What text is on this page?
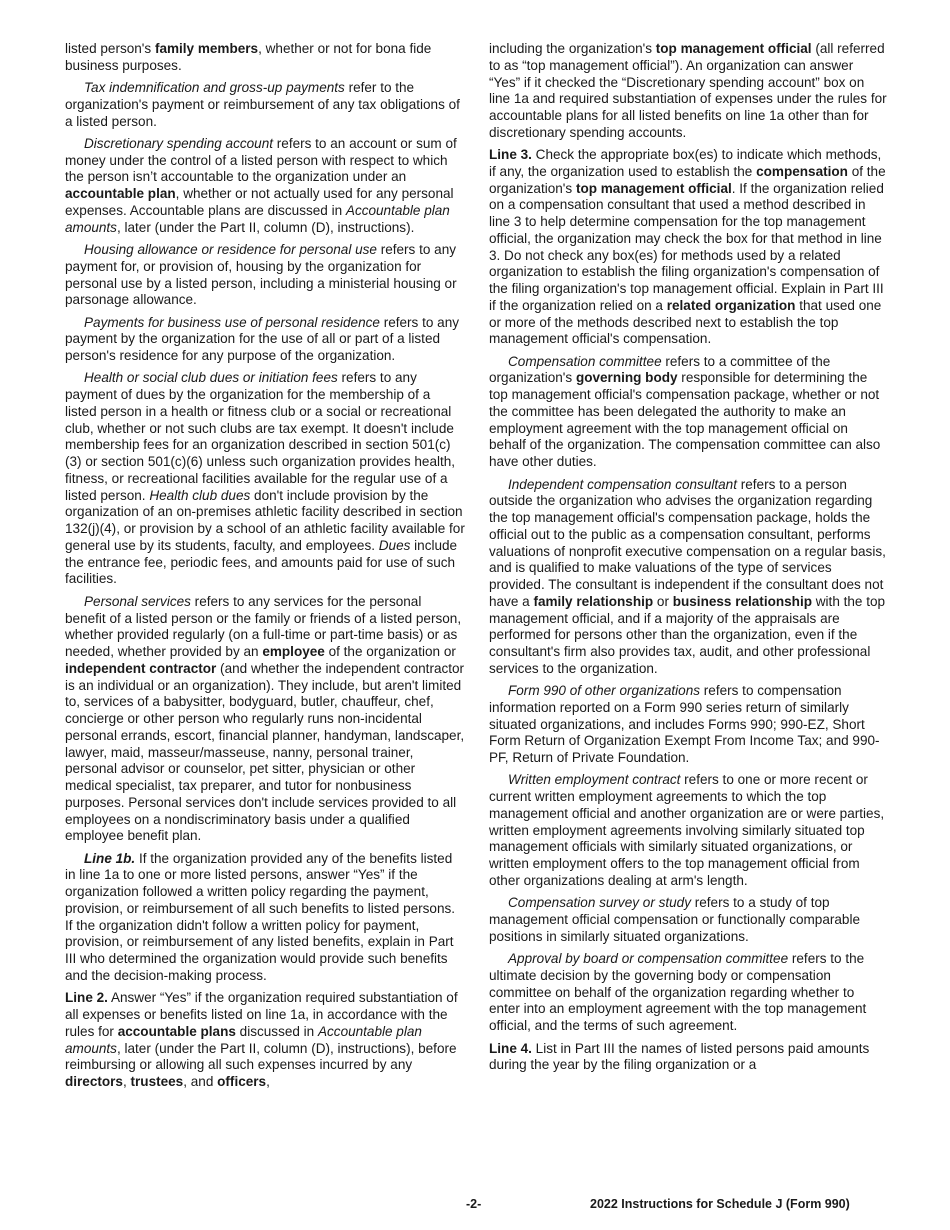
listed person's family members, whether or not for bona fide business purposes.

Tax indemnification and gross-up payments refer to the organization's payment or reimbursement of any tax obligations of a listed person.

Discretionary spending account refers to an account or sum of money under the control of a listed person with respect to which the person isn’t accountable to the organization under an accountable plan, whether or not actually used for any personal expenses. Accountable plans are discussed in Accountable plan amounts, later (under the Part II, column (D), instructions).

Housing allowance or residence for personal use refers to any payment for, or provision of, housing by the organization for personal use by a listed person, including a ministerial housing or parsonage allowance.

Payments for business use of personal residence refers to any payment by the organization for the use of all or part of a listed person's residence for any purpose of the organization.

Health or social club dues or initiation fees refers to any payment of dues by the organization for the membership of a listed person in a health or fitness club or a social or recreational club, whether or not such clubs are tax exempt. It doesn't include membership fees for an organization described in section 501(c)(3) or section 501(c)(6) unless such organization provides health, fitness, or recreational facilities available for the regular use of a listed person. Health club dues don't include provision by the organization of an on-premises athletic facility described in section 132(j)(4), or provision by a school of an athletic facility available for general use by its students, faculty, and employees. Dues include the entrance fee, periodic fees, and amounts paid for use of such facilities.

Personal services refers to any services for the personal benefit of a listed person or the family or friends of a listed person, whether provided regularly (on a full-time or part-time basis) or as needed, whether provided by an employee of the organization or independent contractor (and whether the independent contractor is an individual or an organization). They include, but aren't limited to, services of a babysitter, bodyguard, butler, chauffeur, chef, concierge or other person who regularly runs non-incidental personal errands, escort, financial planner, handyman, landscaper, lawyer, maid, masseur/masseuse, nanny, personal trainer, personal advisor or counselor, pet sitter, physician or other medical specialist, tax preparer, and tutor for nonbusiness purposes. Personal services don't include services provided to all employees on a nondiscriminatory basis under a qualified employee benefit plan.

Line 1b. If the organization provided any of the benefits listed in line 1a to one or more listed persons, answer “Yes” if the organization followed a written policy regarding the payment, provision, or reimbursement of all such benefits to listed persons. If the organization didn't follow a written policy for payment, provision, or reimbursement of any listed benefits, explain in Part III who determined the organization would provide such benefits and the decision-making process.

Line 2. Answer “Yes” if the organization required substantiation of all expenses or benefits listed on line 1a, in accordance with the rules for accountable plans discussed in Accountable plan amounts, later (under the Part II, column (D), instructions), before reimbursing or allowing all such expenses incurred by any directors, trustees, and officers,

including the organization's top management official (all referred to as “top management official”). An organization can answer “Yes” if it checked the “Discretionary spending account” box on line 1a and required substantiation of expenses under the rules for accountable plans for all listed benefits on line 1a other than for discretionary spending accounts.

Line 3. Check the appropriate box(es) to indicate which methods, if any, the organization used to establish the compensation of the organization's top management official. If the organization relied on a compensation consultant that used a method described in line 3 to help determine compensation for the top management official, the organization may check the box for that method in line 3. Do not check any box(es) for methods used by a related organization to establish the filing organization's compensation of the filing organization's top management official. Explain in Part III if the organization relied on a related organization that used one or more of the methods described next to establish the top management official's compensation.

Compensation committee refers to a committee of the organization's governing body responsible for determining the top management official's compensation package, whether or not the committee has been delegated the authority to make an employment agreement with the top management official on behalf of the organization. The compensation committee can also have other duties.

Independent compensation consultant refers to a person outside the organization who advises the organization regarding the top management official's compensation package, holds the official out to the public as a compensation consultant, performs valuations of nonprofit executive compensation on a regular basis, and is qualified to make valuations of the type of services provided. The consultant is independent if the consultant does not have a family relationship or business relationship with the top management official, and if a majority of the appraisals are performed for persons other than the organization, even if the consultant's firm also provides tax, audit, and other professional services to the organization.

Form 990 of other organizations refers to compensation information reported on a Form 990 series return of similarly situated organizations, and includes Forms 990; 990-EZ, Short Form Return of Organization Exempt From Income Tax; and 990-PF, Return of Private Foundation.

Written employment contract refers to one or more recent or current written employment agreements to which the top management official and another organization are or were parties, written employment agreements involving similarly situated top management officials with similarly situated organizations, or written employment offers to the top management official from other organizations dealing at arm's length.

Compensation survey or study refers to a study of top management official compensation or functionally comparable positions in similarly situated organizations.

Approval by board or compensation committee refers to the ultimate decision by the governing body or compensation committee on behalf of the organization regarding whether to enter into an employment agreement with the top management official, and the terms of such agreement.

Line 4. List in Part III the names of listed persons paid amounts during the year by the filing organization or a

-2-	2022 Instructions for Schedule J (Form 990)
